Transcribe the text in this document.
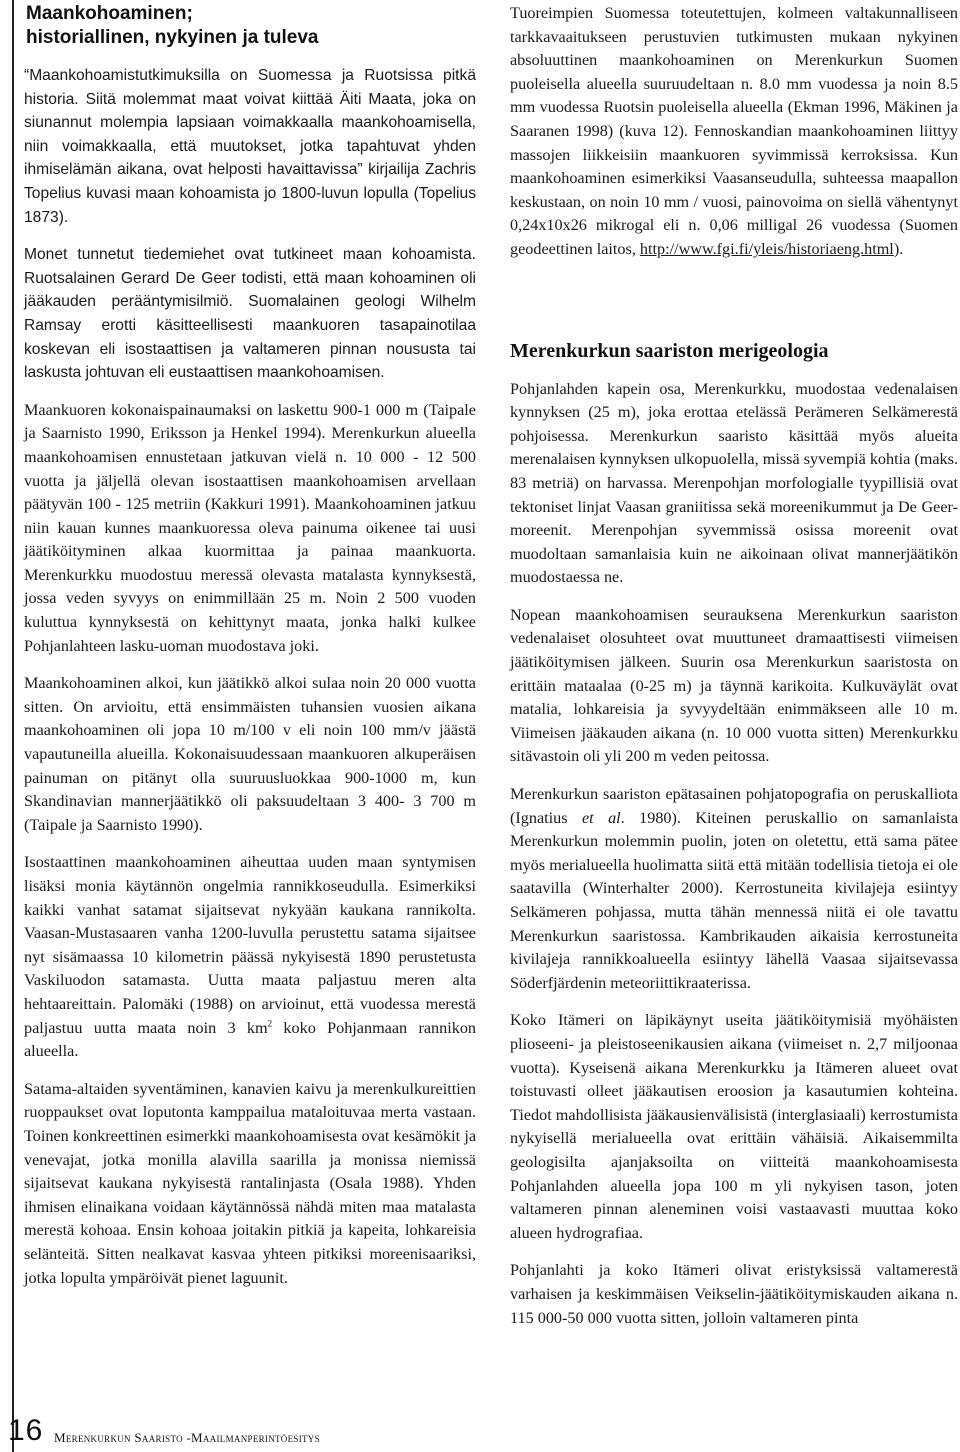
Maankohoaminen;
historiallinen, nykyinen ja tuleva

“Maankohoamistutkimuksilla on Suomessa ja Ruotsissa pitkä historia. Siitä molemmat maat voivat kiittää Äiti Maata, joka on siunannut molempia lapsiaan voimakkaalla maankohoamisella, niin voimakkaalla, että muutokset, jotka tapahtuvat yhden ihmiselämän aikana, ovat helposti havaittavissa” kirjailija Zachris Topelius kuvasi maan kohoamista jo 1800-luvun lopulla (Topelius 1873).

Monet tunnetut tiedemiehet ovat tutkineet maan kohoamista. Ruotsalainen Gerard De Geer todisti, että maan kohoaminen oli jääkauden perääntymisilmiö. Suomalainen geologi Wilhelm Ramsay erotti käsitteellisesti maankuoren tasapainotilaa koskevan eli isostaattisen ja valtameren pinnan noususta tai laskusta johtuvan eli eustaattisen maankohoamisen.

Maankuoren kokonaispainaumaksi on laskettu 900-1 000 m (Taipale ja Saarnisto 1990, Eriksson ja Henkel 1994). Merenkurkun alueella maankohoamisen ennustetaan jatkuvan vielä n. 10 000 - 12 500 vuotta ja jäljellä olevan isostaattisen maankohoamisen arvellaan päätyvän 100 - 125 metriin (Kakkuri 1991). Maankohoaminen jatkuu niin kauan kunnes maankuoressa oleva painuma oikenee tai uusi jäätiköityminen alkaa kuormittaa ja painaa maankuorta. Merenkurkku muodostuu meressä olevasta matalasta kynnyksestä, jossa veden syvyys on enimmillään 25 m. Noin 2 500 vuoden kuluttua kynnyksestä on kehittynyt maata, jonka halki kulkee Pohjanlahteen lasku-uoman muodostava joki.

Maankohoaminen alkoi, kun jäätikkö alkoi sulaa noin 20 000 vuotta sitten. On arvioitu, että ensimmäisten tuhansien vuosien aikana maankohoaminen oli jopa 10 m/100 v eli noin 100 mm/v jäästä vapautuneilla alueilla. Kokonaisuudessaan maankuoren alkuperäisen painuman on pitänyt olla suuruusluokkaa 900-1000 m, kun Skandinavian mannerjäätikkö oli paksuudeltaan 3 400- 3 700 m (Taipale ja Saarnisto 1990).

Isostaattinen maankohoaminen aiheuttaa uuden maan syntymisen lisäksi monia käytännön ongelmia rannikkoseudulla. Esimerkiksi kaikki vanhat satamat sijaitsevat nykyään kaukana rannikolta. Vaasan-Mustasaaren vanha 1200-luvulla perustettu satama sijaitsee nyt sisämaassa 10 kilometrin päässä nykyisestä 1890 perustetusta Vaskiluodon satamasta. Uutta maata paljastuu meren alta hehtaareittain. Palomäki (1988) on arvioinut, että vuodessa merestä paljastuu uutta maata noin 3 $km^2$ koko Pohjanmaan rannikon alueella.

Satama-altaiden syventäminen, kanavien kaivu ja merenkulkureittien ruoppaukset ovat loputonta kamppailua mataloituvaa merta vastaan. Toinen konkreettinen esimerkki maankohoamisesta ovat kesämökit ja venevajat, jotka monilla alavilla saarilla ja monissa niemissä sijaitsevat kaukana nykyisestä rantalinjasta (Osala 1988). Yhden ihmisen elinaikana voidaan käytännössä nähdä miten maa matalasta merestä kohoaa. Ensin kohoaa joitakin pitkiä ja kapeita, lohkareisia selänteitä. Sitten nealkavat kasvaa yhteen pitkiksi moreenisaariksi, jotka lopulta ympäröivät pienet laguunit.

Tuoreimpien Suomessa toteutettujen, kolmeen valtakunnalliseen tarkkavaaitukseen perustuvien tutkimusten mukaan nykyinen absoluuttinen maankohoaminen on Merenkurkun Suomen puoleisella alueella suuruudeltaan n. 8.0 mm vuodessa ja noin 8.5 mm vuodessa Ruotsin puoleisella alueella (Ekman 1996, Mäkinen ja Saaranen 1998) (kuva 12). Fennoskandian maankohoaminen liittyy massojen liikkeisiin maankuoren syvimmissä kerroksissa. Kun maankohoaminen esimerkiksi Vaasanseudulla, suhteessa maapallon keskustaan, on noin 10 mm / vuosi, painovoima on siellä vähentynyt 0,24x10x26 mikrogal eli n. 0,06 milligal 26 vuodessa (Suomen geodeettinen laitos, http://www.fgi.fi/yleis/historiaeng.html).

Merenkurkun saariston merigeologia

Pohjanlahden kapein osa, Merenkurkku, muodostaa vedenalaisen kynnyksen (25 m), joka erottaa etelässä Perämeren Selkämerestä pohjoisessa. Merenkurkun saaristo käsittää myös alueita merenalaisen kynnyksen ulkopuolella, missä syvempiä kohtia (maks. 83 metriä) on harvassa. Merenpohjan morfologialle tyypillisiä ovat tektoniset linjat Vaasan graniitissa sekä moreenikummut ja De Geer-moreenit. Merenpohjan syvemmissä osissa moreenit ovat muodoltaan samanlaisia kuin ne aikoinaan olivat mannerjäätikön muodostaessa ne.

Nopean maankohoamisen seurauksena Merenkurkun saariston vedenalaiset olosuhteet ovat muuttuneet dramaattisesti viimeisen jäätiköitymisen jälkeen. Suurin osa Merenkurkun saaristosta on erittäin mataalaa (0-25 m) ja täynnä karikoita. Kulkuväylät ovat matalia, lohkareisia ja syvyydeltään enimmäkseen alle 10 m. Viimeisen jääkauden aikana (n. 10 000 vuotta sitten) Merenkurkku sitävastoin oli yli 200 m veden peitossa.

Merenkurkun saariston epätasainen pohjatopografia on peruskalliota (Ignatius et al. 1980). Kiteinen peruskallio on samanlaista Merenkurkun molemmin puolin, joten on oletettu, että sama pätee myös merialueella huolimatta siitä että mitään todellisia tietoja ei ole saatavilla (Winterhalter 2000). Kerrostuneita kivilajeja esiintyy Selkämeren pohjassa, mutta tähän mennessä niitä ei ole tavattu Merenkurkun saaristossa. Kambrikauden aikaisia kerrostuneita kivilajeja rannikkoalueella esiintyy lähellä Vaasaa sijaitsevassa Söderfjärdenin meteoriittikraaterissa.

Koko Itämeri on läpikäynyt useita jäätiköitymisiä myöhäisten plioseeni- ja pleistoseenikausien aikana (viimeiset n. 2,7 miljoonaa vuotta). Kyseisenä aikana Merenkurkku ja Itämeren alueet ovat toistuvasti olleet jääkautisen eroosion ja kasautumien kohteina. Tiedot mahdollisista jääkausienvälisistä (interglasiaali) kerrostumista nykyisellä merialueella ovat erittäin vähäisiä. Aikaisemmilta geologisilta ajanjaksoilta on viitteitä maankohoamisesta Pohjanlahden alueella jopa 100 m yli nykyisen tason, joten valtameren pinnan aleneminen voisi vastaavasti muuttaa koko alueen hydrografiaa.

Pohjanlahti ja koko Itämeri olivat eristyksissä valtamerestä varhaisen ja keskimmäisen Veikselin-jäätiköitymiskauden aikana n. 115 000-50 000 vuotta sitten, jolloin valtameren pinta

16 Merenkurkun Saaristo -Maailmanperintöesitys
